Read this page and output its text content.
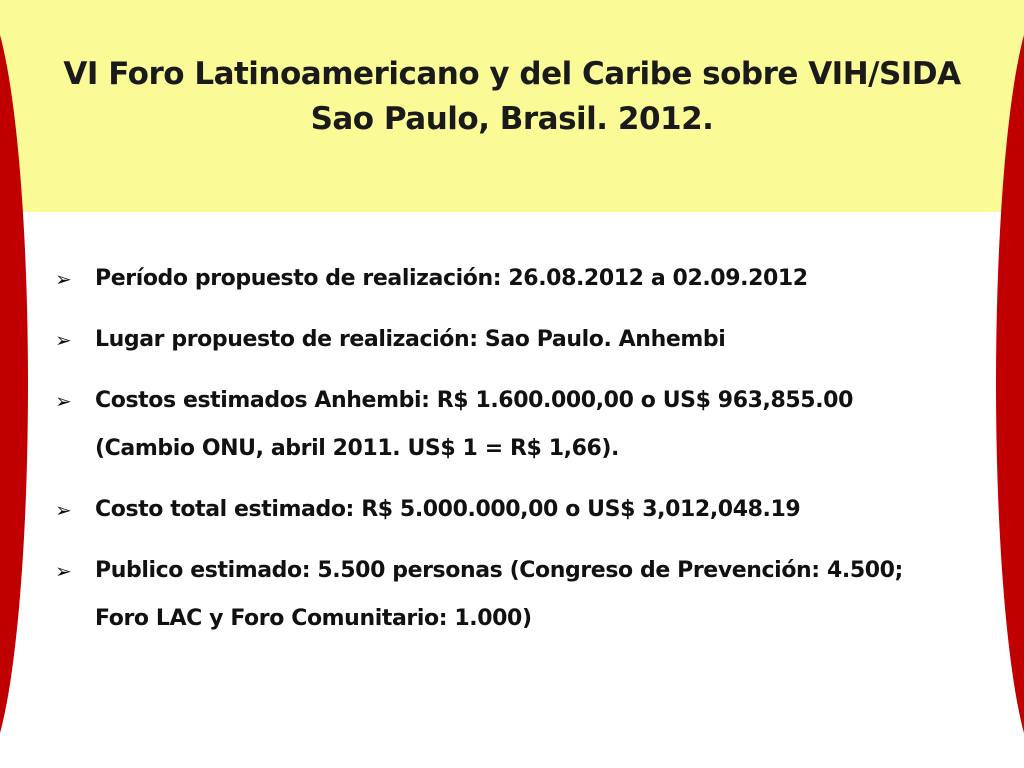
VI Foro Latinoamericano y del Caribe sobre VIH/SIDA
Sao Paulo, Brasil. 2012.
➢ Período propuesto de realización: 26.08.2012 a 02.09.2012
➢ Lugar propuesto de realización: Sao Paulo. Anhembi
➢ Costos estimados Anhembi: R$ 1.600.000,00 o US$ 963,855.00 (Cambio ONU, abril 2011. US$ 1 = R$ 1,66).
➢ Costo total estimado: R$ 5.000.000,00 o US$ 3,012,048.19
➢ Publico estimado: 5.500 personas (Congreso de Prevención: 4.500; Foro LAC y Foro Comunitario: 1.000)
